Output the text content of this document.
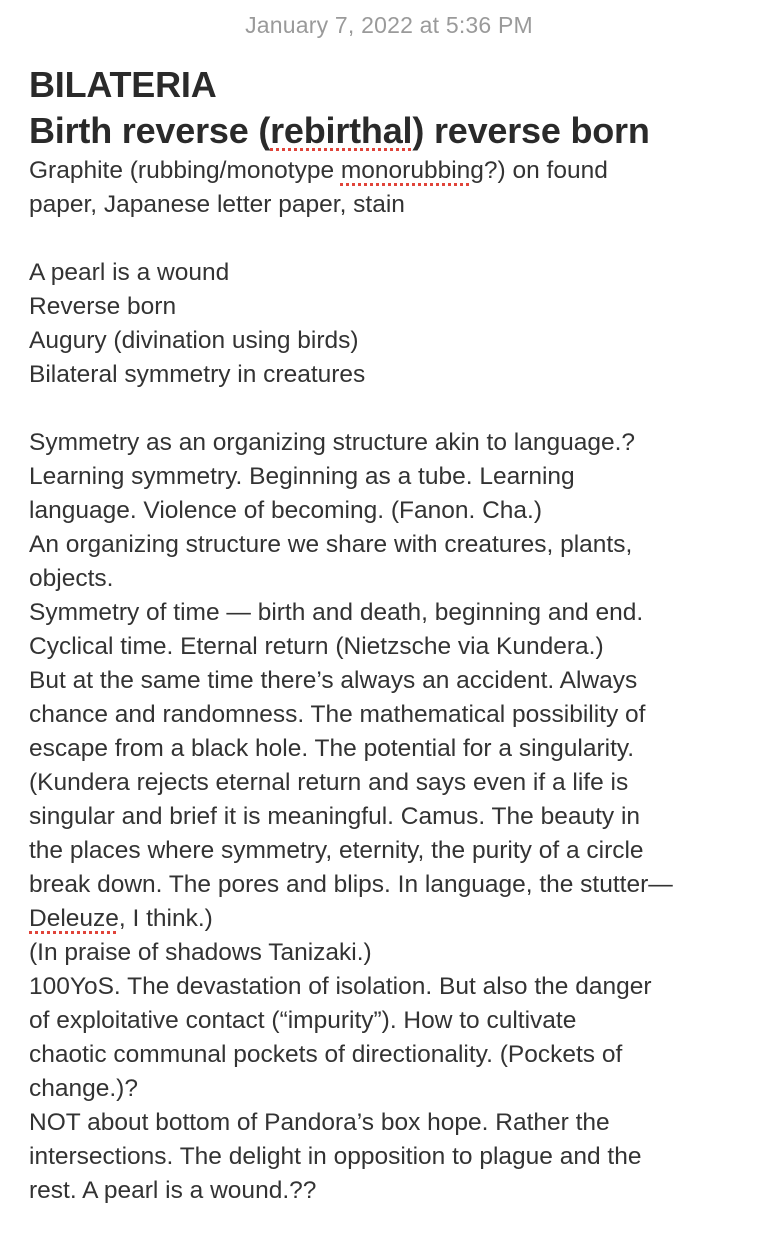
January 7, 2022 at 5:36 PM
BILATERIA
Birth reverse (rebirthal) reverse born
Graphite (rubbing/monotype monorubbing?) on found
paper, Japanese letter paper, stain
A pearl is a wound
Reverse born
Augury (divination using birds)
Bilateral symmetry in creatures
Symmetry as an organizing structure akin to language.?
Learning symmetry. Beginning as a tube. Learning
language. Violence of becoming. (Fanon. Cha.)
An organizing structure we share with creatures, plants,
objects.
Symmetry of time — birth and death, beginning and end.
Cyclical time. Eternal return (Nietzsche via Kundera.)
But at the same time there’s always an accident. Always
chance and randomness. The mathematical possibility of
escape from a black hole. The potential for a singularity.
(Kundera rejects eternal return and says even if a life is
singular and brief it is meaningful. Camus. The beauty in
the places where symmetry, eternity, the purity of a circle
break down. The pores and blips. In language, the stutter—
Deleuze, I think.)
(In praise of shadows Tanizaki.)
100YoS. The devastation of isolation. But also the danger
of exploitative contact (“impurity”). How to cultivate
chaotic communal pockets of directionality. (Pockets of
change.)?
NOT about bottom of Pandora’s box hope. Rather the
intersections. The delight in opposition to plague and the
rest. A pearl is a wound.??
